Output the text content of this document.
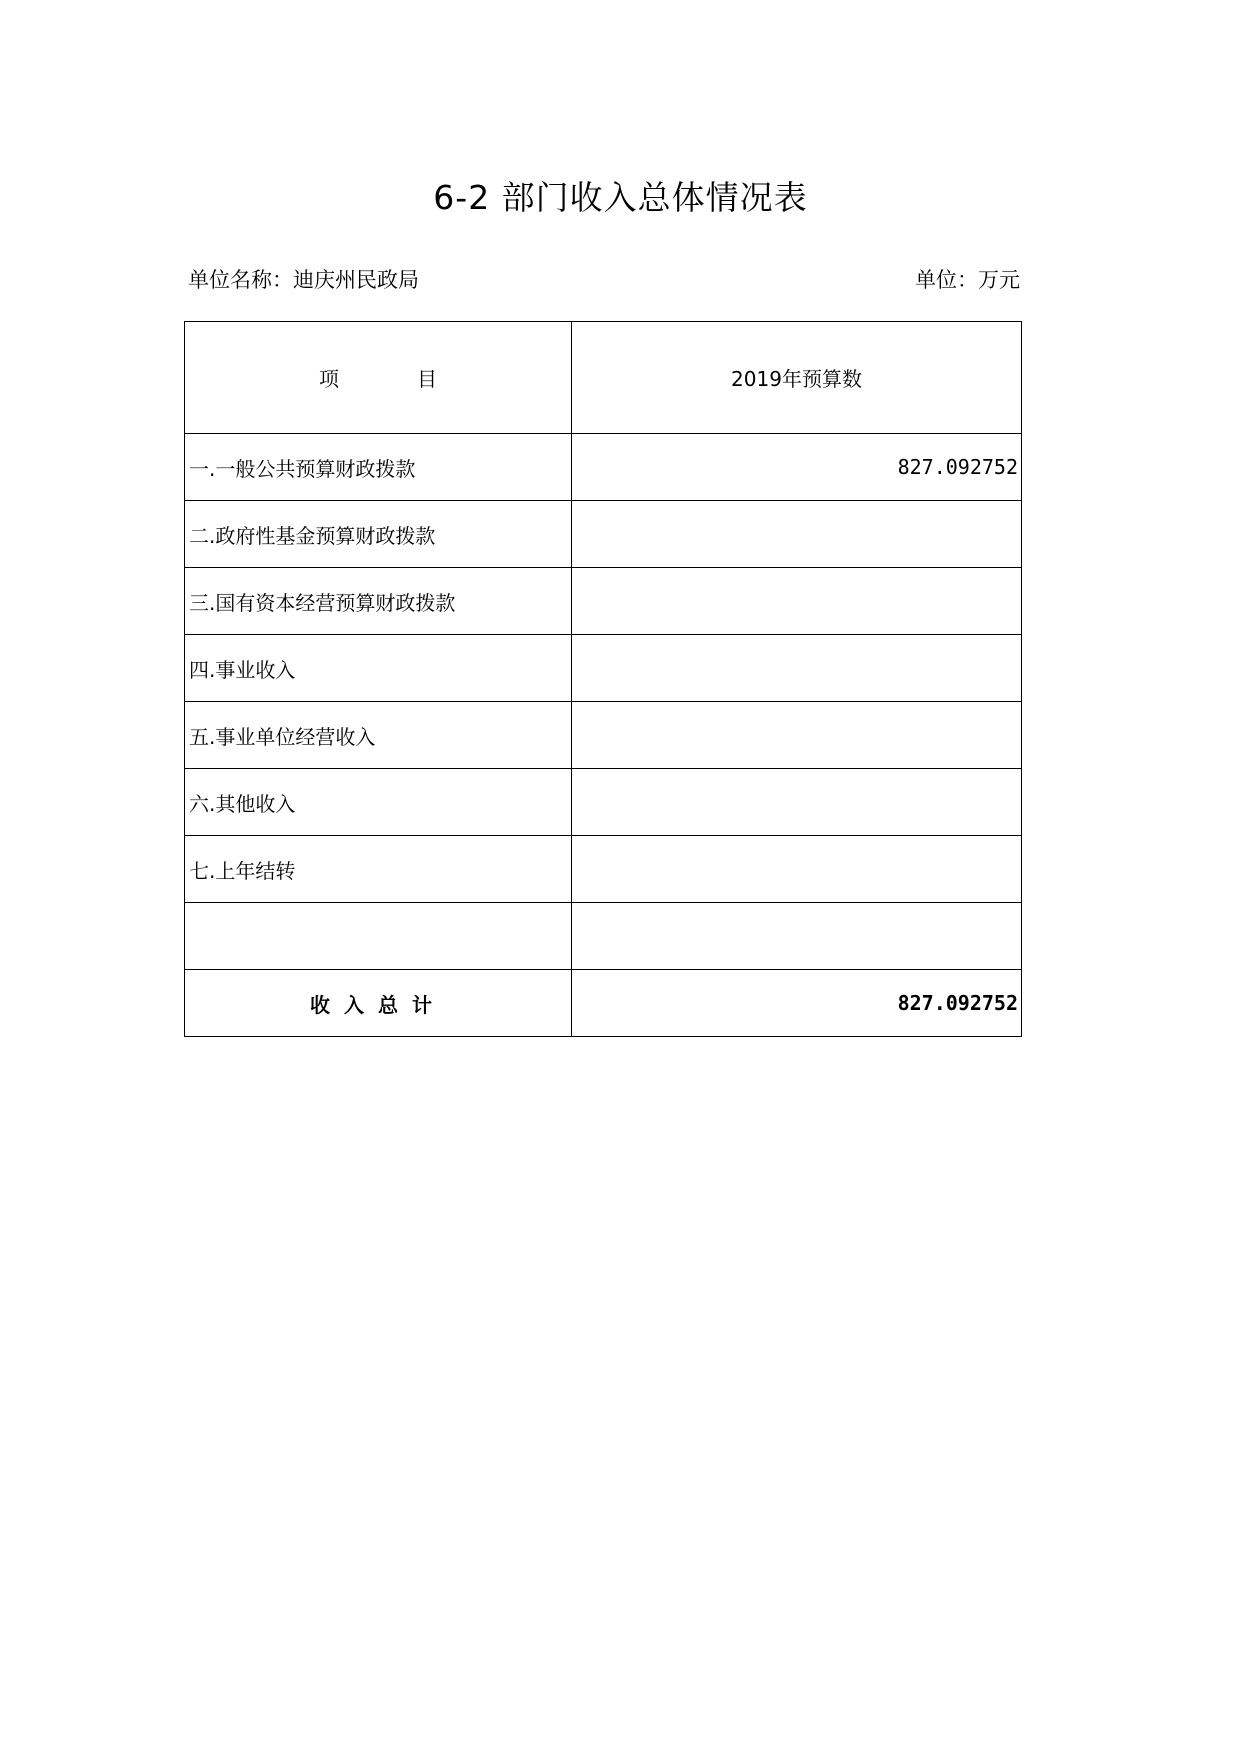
6-2 部门收入总体情况表
单位名称：迪庆州民政局	单位：万元
项 目	2019年预算数
一.一般公共预算财政拨款	827.092752
二.政府性基金预算财政拨款	
三.国有资本经营预算财政拨款	
四.事业收入	
五.事业单位经营收入	
六.其他收入	
七.上年结转	

收入总计	827.092752
